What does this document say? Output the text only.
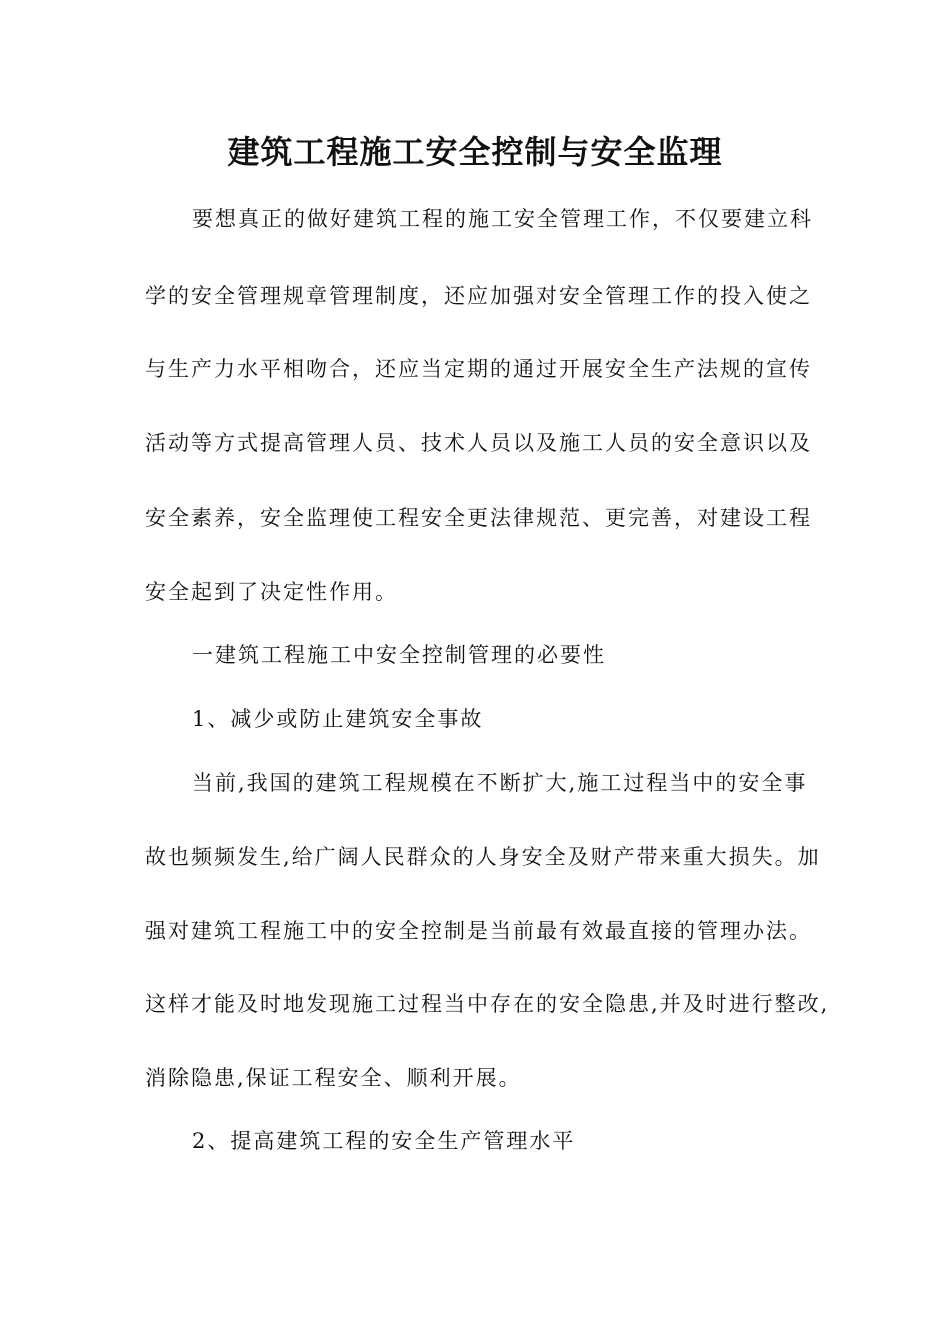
建筑工程施工安全控制与安全监理
要想真正的做好建筑工程的施工安全管理工作，不仅要建立科
学的安全管理规章管理制度，还应加强对安全管理工作的投入使之
与生产力水平相吻合，还应当定期的通过开展安全生产法规的宣传
活动等方式提高管理人员、技术人员以及施工人员的安全意识以及
安全素养，安全监理使工程安全更法律规范、更完善，对建设工程
安全起到了决定性作用。
一建筑工程施工中安全控制管理的必要性
1、减少或防止建筑安全事故
当前,我国的建筑工程规模在不断扩大,施工过程当中的安全事
故也频频发生,给广阔人民群众的人身安全及财产带来重大损失。加
强对建筑工程施工中的安全控制是当前最有效最直接的管理办法。
这样才能及时地发现施工过程当中存在的安全隐患,并及时进行整改,
消除隐患,保证工程安全、顺利开展。
2、提高建筑工程的安全生产管理水平
